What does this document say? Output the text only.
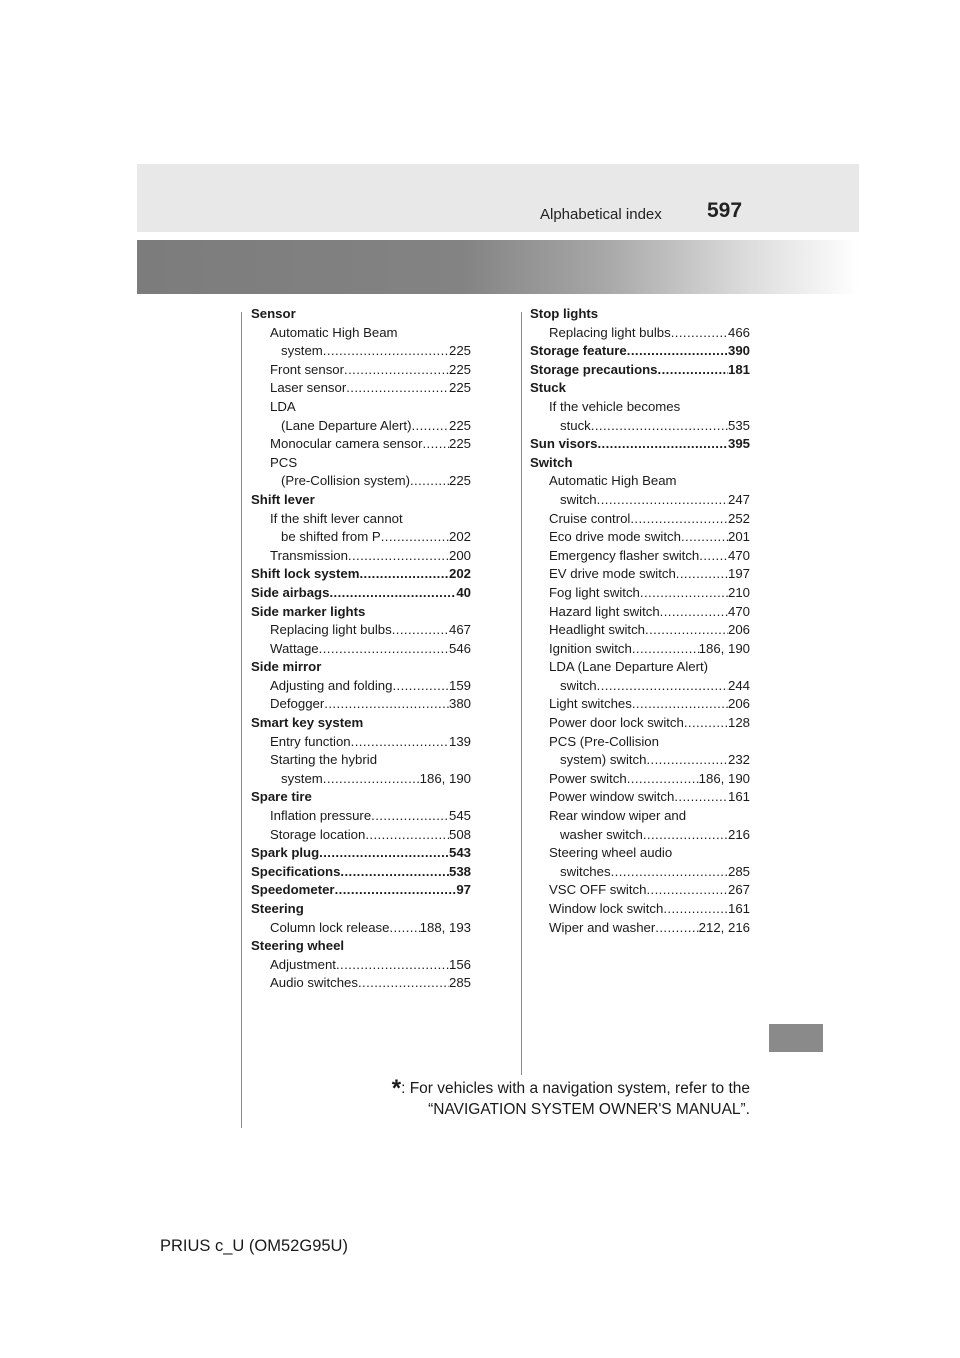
Alphabetical index 597
Sensor
Automatic High Beam
system .....	225
Front sensor .....	225
Laser sensor .....	225
LDA
(Lane Departure Alert) .....	225
Monocular camera sensor ..... 225
PCS
(Pre-Collision system) .....	225
Shift lever
If the shift lever cannot
be shifted from P .....	202
Transmission .....	200
Shift lock system .....	202
Side airbags .....	40
Side marker lights
Replacing light bulbs .....	467
Wattage .....	546
Side mirror
Adjusting and folding .....	159
Defogger .....	380
Smart key system
Entry function .....	139
Starting the hybrid
system .....	186, 190
Spare tire
Inflation pressure .....	545
Storage location .....	508
Spark plug .....	543
Specifications .....	538
Speedometer .....	97
Steering
Column lock release ..... 188, 193
Steering wheel
Adjustment .....	156
Audio switches .....	285
Stop lights
Replacing light bulbs .....	466
Storage feature .....	390
Storage precautions .....	181
Stuck
If the vehicle becomes
stuck .....	535
Sun visors .....	395
Switch
Automatic High Beam
switch .....	247
Cruise control .....	252
Eco drive mode switch .....	201
Emergency flasher switch ..... 470
EV drive mode switch .....	197
Fog light switch .....	210
Hazard light switch .....	470
Headlight switch .....	206
Ignition switch .....	186, 190
LDA (Lane Departure Alert)
switch .....	244
Light switches .....	206
Power door lock switch .....	128
PCS (Pre-Collision
system) switch .....	232
Power switch .....	186, 190
Power window switch .....	161
Rear window wiper and
washer switch .....	216
Steering wheel audio
switches .....	285
VSC OFF switch .....	267
Window lock switch .....	161
Wiper and washer .....	212, 216
*: For vehicles with a navigation system, refer to the
“NAVIGATION SYSTEM OWNER'S MANUAL”.
PRIUS c_U (OM52G95U)
